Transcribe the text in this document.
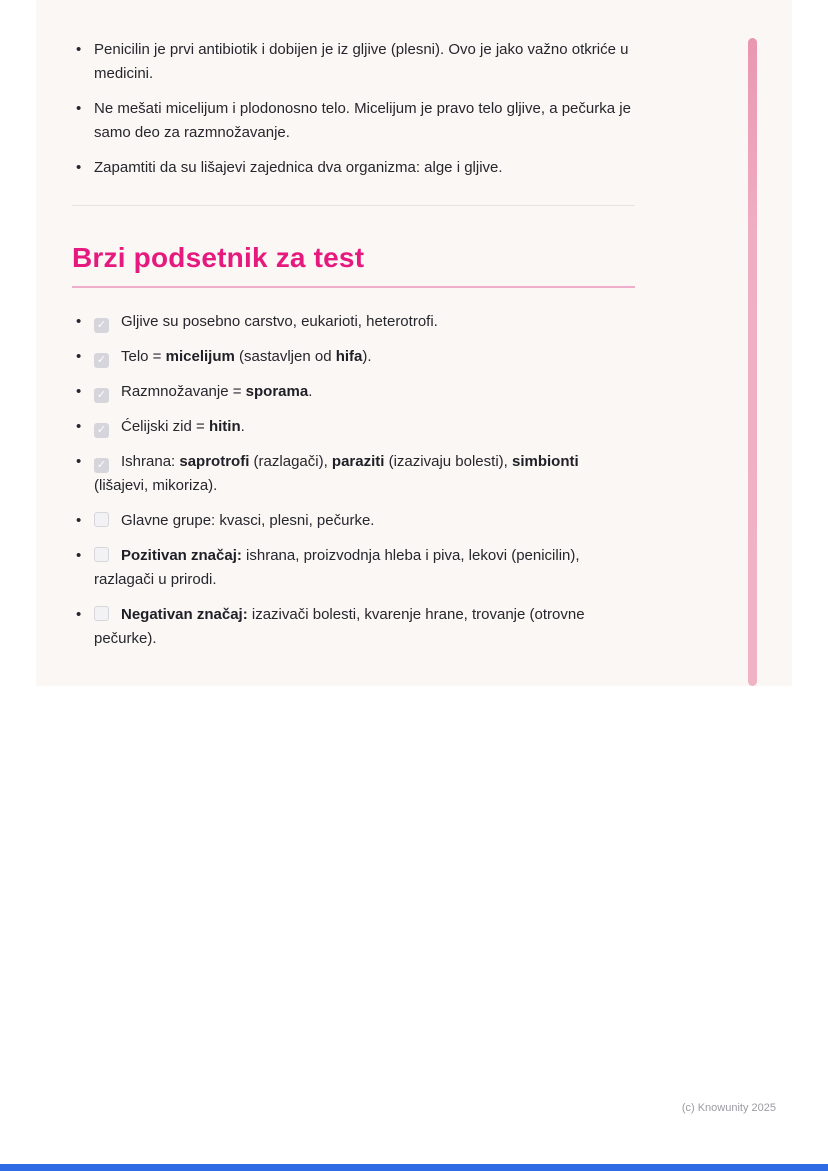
• Penicilin je prvi antibiotik i dobijen je iz gljive (plesni). Ovo je jako važno otkriće u medicini.
• Ne mešati micelijum i plodonosno telo. Micelijum je pravo telo gljive, a pečurka je samo deo za razmnožavanje.
• Zapamtiti da su lišajevi zajednica dva organizma: alge i gljive.
Brzi podsetnik za test
• ✓ Gljive su posebno carstvo, eukarioti, heterotrofi.
• ✓ Telo = micelijum (sastavljen od hifa).
• ✓ Razmnožavanje = sporama.
• ✓ Ćelijski zid = hitin.
• ✓ Ishrana: saprotrofi (razlagači), paraziti (izazivaju bolesti), simbionti (lišajevi, mikoriza).
• Glavne grupe: kvasci, plesni, pečurke.
• Pozitivan značaj: ishrana, proizvodnja hleba i piva, lekovi (penicilin), razlagači u prirodi.
• Negativan značaj: izazivači bolesti, kvarenje hrane, trovanje (otrovne pečurke).
(c) Knowunity 2025
